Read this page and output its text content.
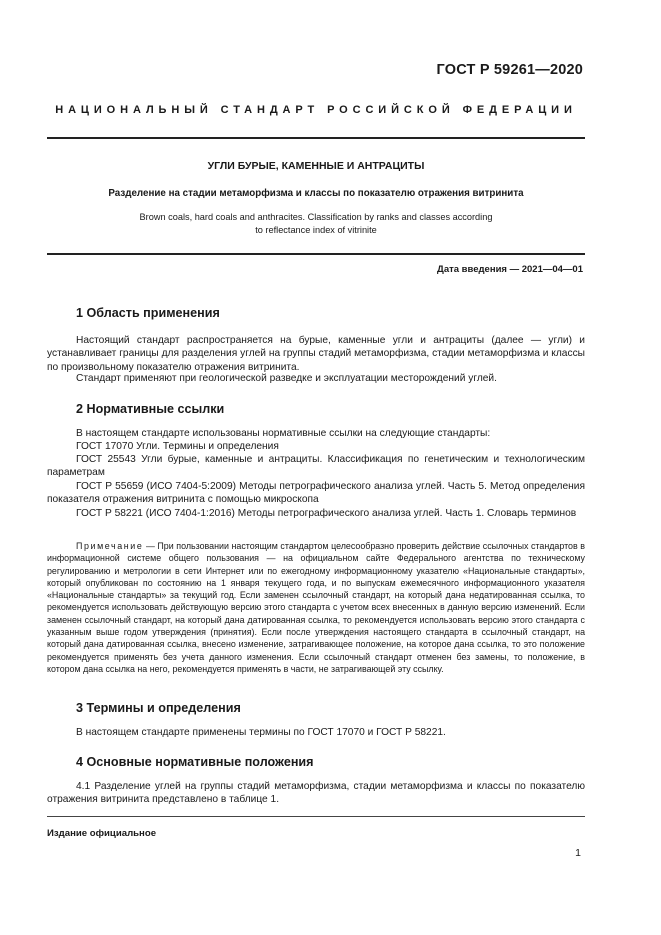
ГОСТ Р 59261—2020
НАЦИОНАЛЬНЫЙ СТАНДАРТ РОССИЙСКОЙ ФЕДЕРАЦИИ
УГЛИ БУРЫЕ, КАМЕННЫЕ И АНТРАЦИТЫ
Разделение на стадии метаморфизма и классы по показателю отражения витринита
Brown coals, hard coals and anthracites. Classification by ranks and classes according
to reflectance index of vitrinite
Дата введения — 2021—04—01
1 Область применения

Настоящий стандарт распространяется на бурые, каменные угли и антрациты (далее — угли) и устанавливает границы для разделения углей на группы стадий метаморфизма, стадии метаморфизма и классы по произвольному показателю отражения витринита.

Стандарт применяют при геологической разведке и эксплуатации месторождений углей.

2 Нормативные ссылки

В настоящем стандарте использованы нормативные ссылки на следующие стандарты:

ГОСТ 17070 Угли. Термины и определения

ГОСТ 25543 Угли бурые, каменные и антрациты. Классификация по генетическим и технологическим параметрам

ГОСТ Р 55659 (ИСО 7404-5:2009) Методы петрографического анализа углей. Часть 5. Метод определения показателя отражения витринита с помощью микроскопа

ГОСТ Р 58221 (ИСО 7404-1:2016) Методы петрографического анализа углей. Часть 1. Словарь терминов

Примечание — При пользовании настоящим стандартом целесообразно проверить действие ссылочных стандартов в информационной системе общего пользования — на официальном сайте Федерального агентства по техническому регулированию и метрологии в сети Интернет или по ежегодному информационному указателю «Национальные стандарты», который опубликован по состоянию на 1 января текущего года, и по выпускам ежемесячного информационного указателя «Национальные стандарты» за текущий год. Если заменен ссылочный стандарт, на который дана недатированная ссылка, то рекомендуется использовать действующую версию этого стандарта с учетом всех внесенных в данную версию изменений. Если заменен ссылочный стандарт, на который дана датированная ссылка, то рекомендуется использовать версию этого стандарта с указанным выше годом утверждения (принятия). Если после утверждения настоящего стандарта в ссылочный стандарт, на который дана датированная ссылка, внесено изменение, затрагивающее положение, на которое дана ссылка, то это положение рекомендуется применять без учета данного изменения. Если ссылочный стандарт отменен без замены, то положение, в котором дана ссылка на него, рекомендуется применять в части, не затрагивающей эту ссылку.

3 Термины и определения

В настоящем стандарте применены термины по ГОСТ 17070 и ГОСТ Р 58221.

4 Основные нормативные положения

4.1 Разделение углей на группы стадий метаморфизма, стадии метаморфизма и классы по показателю отражения витринита представлено в таблице 1.

Издание официальное
1
